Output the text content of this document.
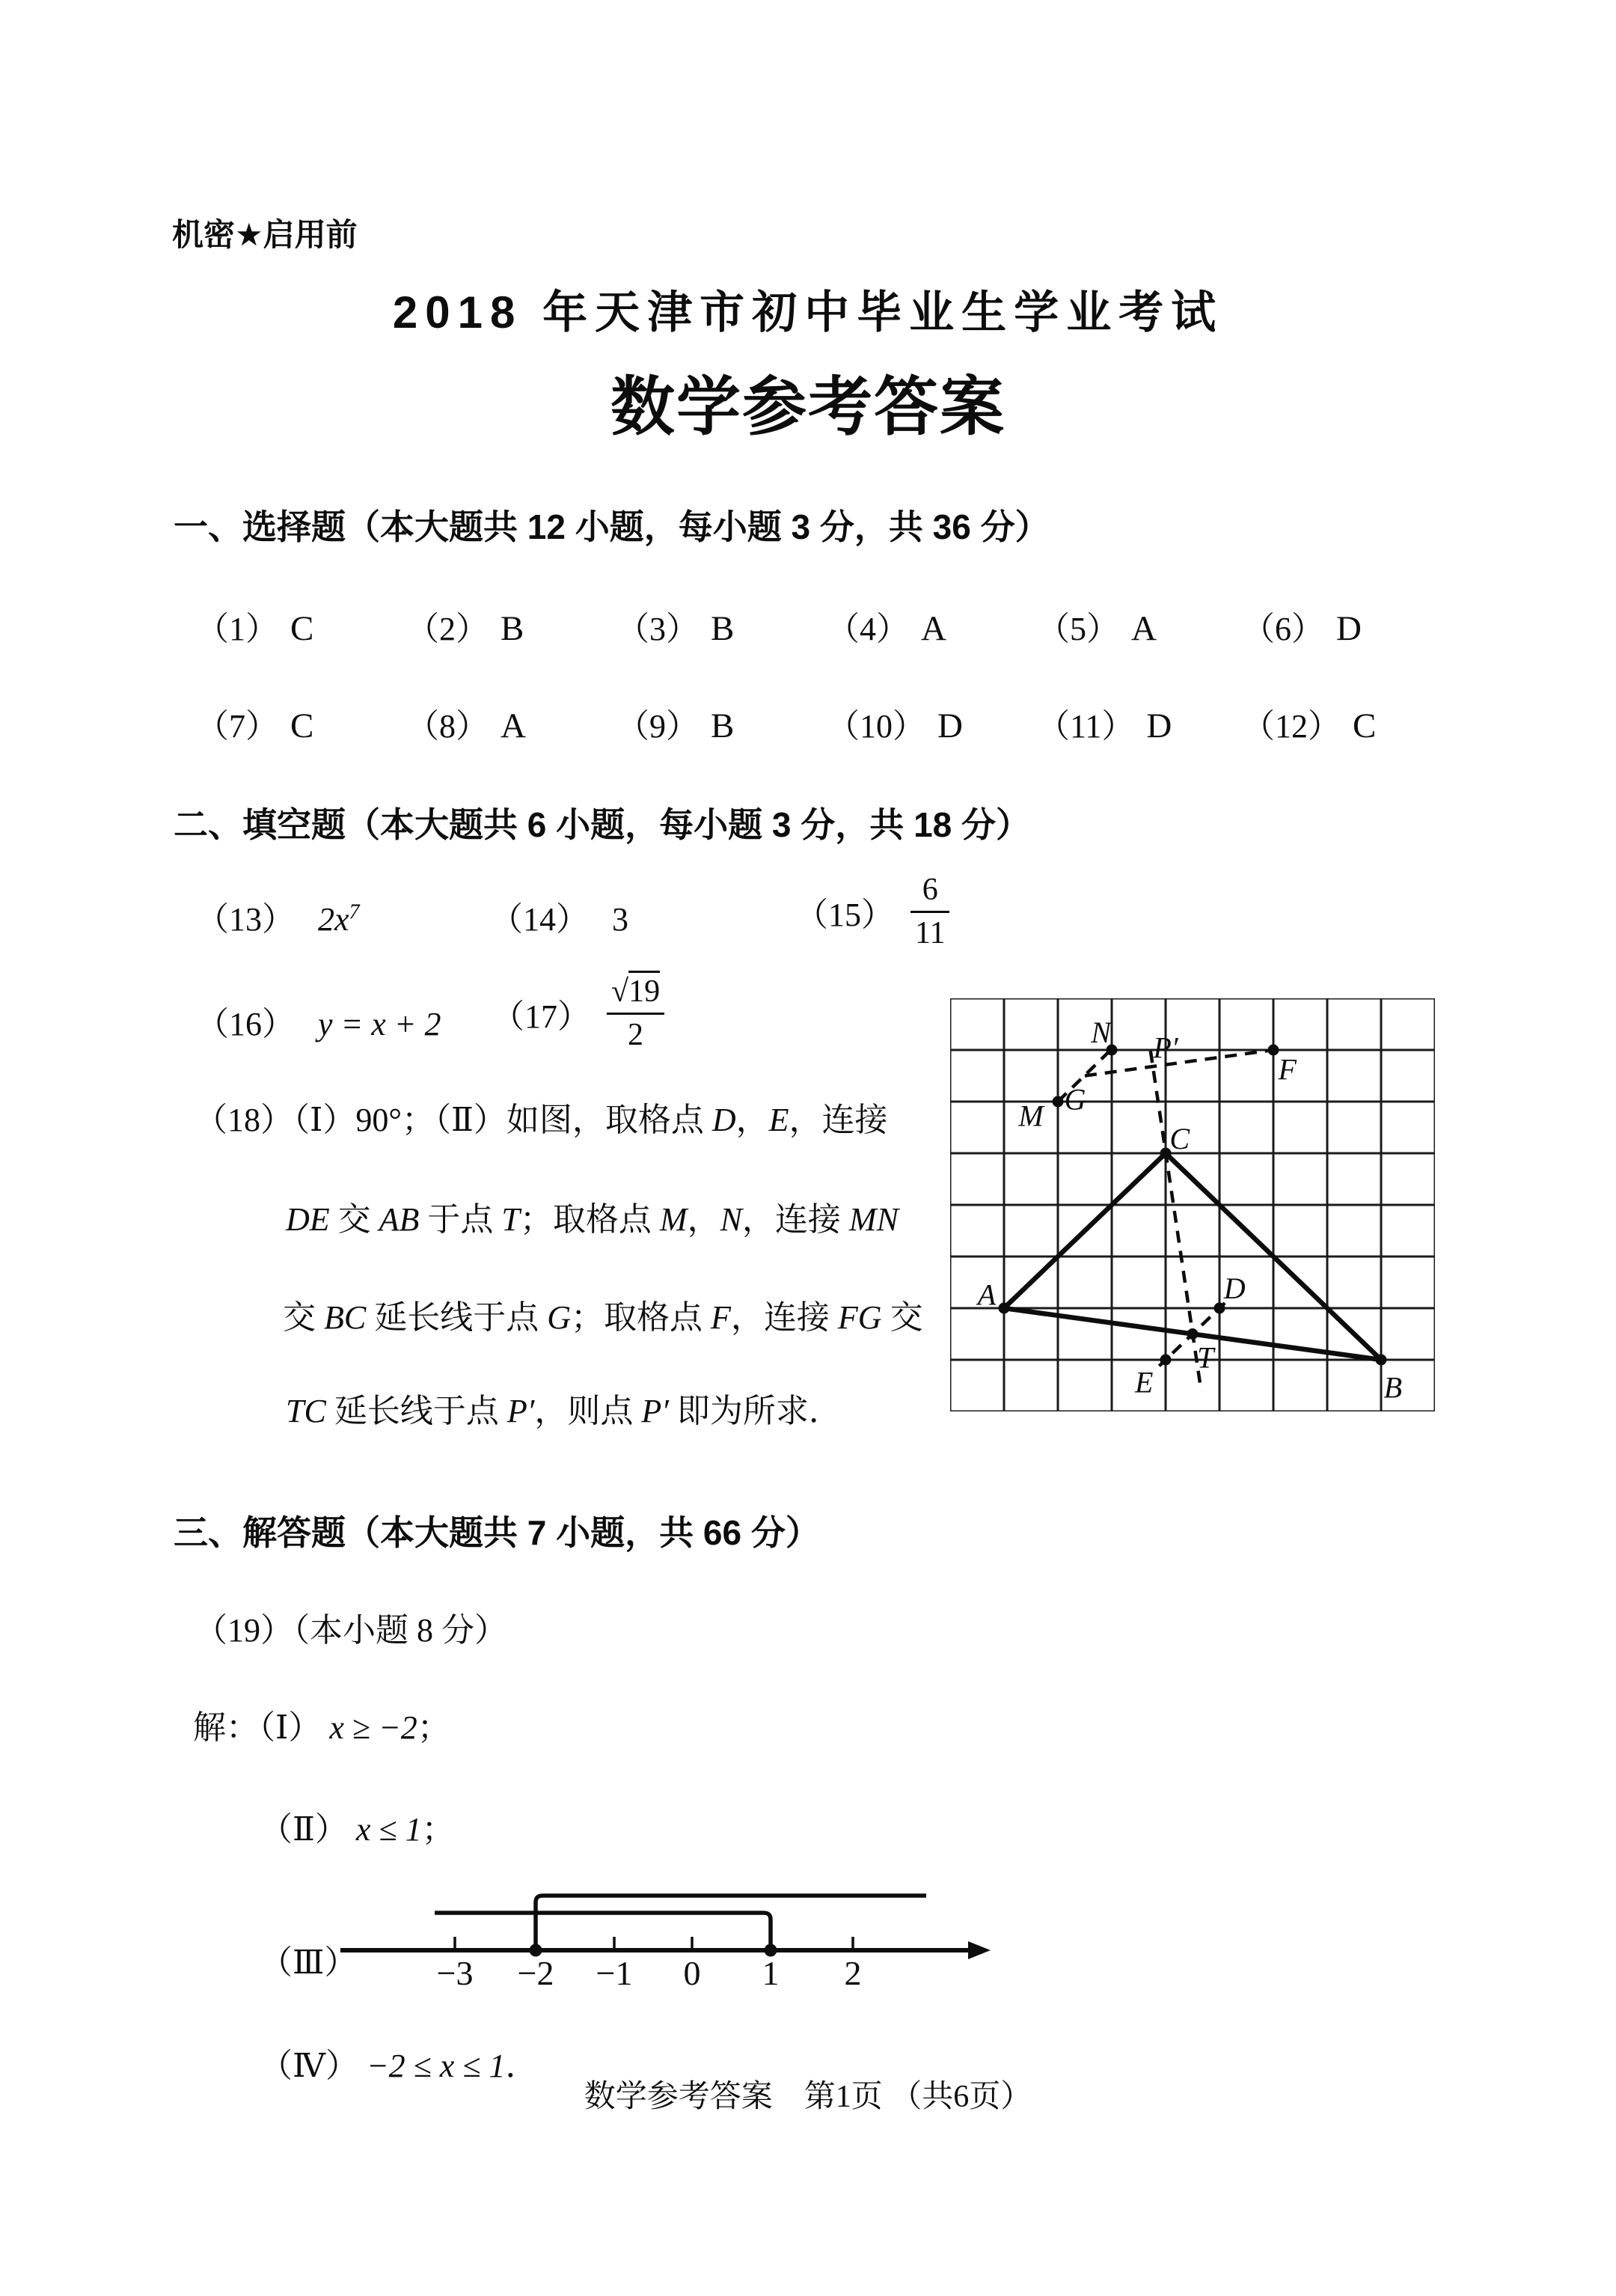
机密★启用前
2018 年天津市初中毕业生学业考试
数学参考答案
一、选择题（本大题共 12 小题，每小题 3 分，共 36 分）
（1） C	（2） B	（3） B	（4） A	（5） A	（6） D
（7） C	（8） A	（9） B	（10） D （11） D （12） C
二、填空题（本大题共 6 小题，每小题 3 分，共 18 分）
（13） $2x^7$	（14） 3	$(15) \frac{6}{11}$
（16） y = x + 2 $(17) \frac{√19}{2}$
（18）（Ⅰ）90°；（Ⅱ）如图，取格点 D，E，连接
DE 交 AB 于点 T；取格点 M，N，连接 MN
交 BC 延长线于点 G；取格点 F，连接 FG 交
TC 延长线于点 P′，则点 P′ 即为所求．
A
B
C
D
E
M
N
F
T
G
P′
三、解答题（本大题共 7 小题，共 66 分）
（19）（本小题 8 分）
解：（Ⅰ） x ≥ −2；
（Ⅱ） x ≤ 1；
（Ⅲ） −3 −2 −1 0 1 2
（Ⅳ） −2 ≤ x ≤ 1．
数学参考答案　第1页 （共6页）
